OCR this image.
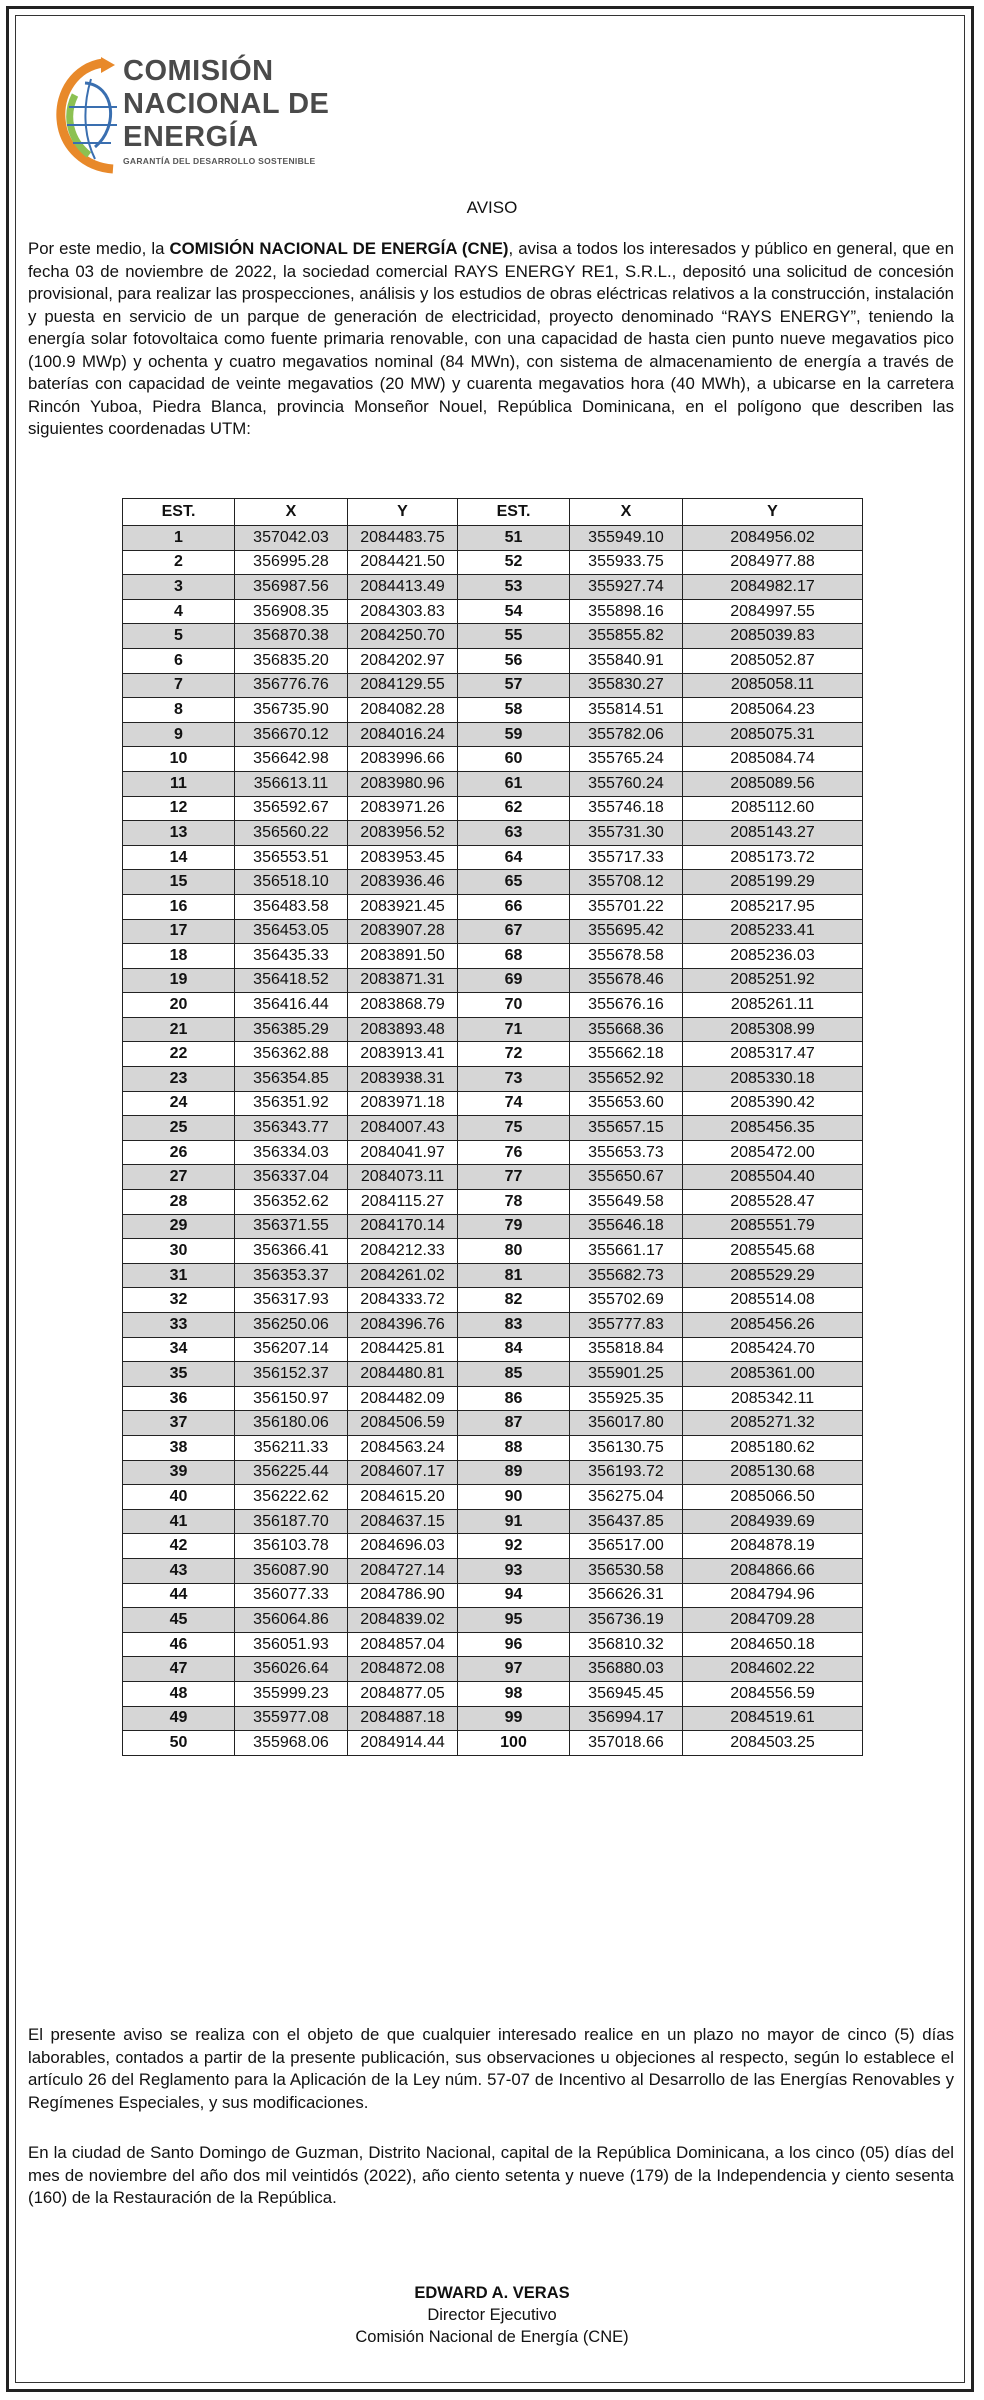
COMISIÓN
NACIONAL DE
ENERGÍA
GARANTÍA DEL DESARROLLO SOSTENIBLE
AVISO
Por este medio, la COMISIÓN NACIONAL DE ENERGÍA (CNE), avisa a todos los interesados y público en general, que en fecha 03 de noviembre de 2022, la sociedad comercial RAYS ENERGY RE1, S.R.L., depositó una solicitud de concesión provisional, para realizar las prospecciones, análisis y los estudios de obras eléctricas relativos a la construcción, instalación y puesta en servicio de un parque de generación de electricidad, proyecto denominado “RAYS ENERGY”, teniendo la energía solar fotovoltaica como fuente primaria renovable, con una capacidad de hasta cien punto nueve megavatios pico (100.9 MWp) y ochenta y cuatro megavatios nominal (84 MWn), con sistema de almacenamiento de energía a través de baterías con capacidad de veinte megavatios (20 MW) y cuarenta megavatios hora (40 MWh), a ubicarse en la carretera Rincón Yuboa, Piedra Blanca, provincia Monseñor Nouel, República Dominicana, en el polígono que describen las siguientes coordenadas UTM:
EST.	X	Y	EST.	X	Y
1	357042.03	2084483.75	51	355949.10	2084956.02
2	356995.28	2084421.50	52	355933.75	2084977.88
3	356987.56	2084413.49	53	355927.74	2084982.17
4	356908.35	2084303.83	54	355898.16	2084997.55
5	356870.38	2084250.70	55	355855.82	2085039.83
6	356835.20	2084202.97	56	355840.91	2085052.87
7	356776.76	2084129.55	57	355830.27	2085058.11
8	356735.90	2084082.28	58	355814.51	2085064.23
9	356670.12	2084016.24	59	355782.06	2085075.31
10	356642.98	2083996.66	60	355765.24	2085084.74
11	356613.11	2083980.96	61	355760.24	2085089.56
12	356592.67	2083971.26	62	355746.18	2085112.60
13	356560.22	2083956.52	63	355731.30	2085143.27
14	356553.51	2083953.45	64	355717.33	2085173.72
15	356518.10	2083936.46	65	355708.12	2085199.29
16	356483.58	2083921.45	66	355701.22	2085217.95
17	356453.05	2083907.28	67	355695.42	2085233.41
18	356435.33	2083891.50	68	355678.58	2085236.03
19	356418.52	2083871.31	69	355678.46	2085251.92
20	356416.44	2083868.79	70	355676.16	2085261.11
21	356385.29	2083893.48	71	355668.36	2085308.99
22	356362.88	2083913.41	72	355662.18	2085317.47
23	356354.85	2083938.31	73	355652.92	2085330.18
24	356351.92	2083971.18	74	355653.60	2085390.42
25	356343.77	2084007.43	75	355657.15	2085456.35
26	356334.03	2084041.97	76	355653.73	2085472.00
27	356337.04	2084073.11	77	355650.67	2085504.40
28	356352.62	2084115.27	78	355649.58	2085528.47
29	356371.55	2084170.14	79	355646.18	2085551.79
30	356366.41	2084212.33	80	355661.17	2085545.68
31	356353.37	2084261.02	81	355682.73	2085529.29
32	356317.93	2084333.72	82	355702.69	2085514.08
33	356250.06	2084396.76	83	355777.83	2085456.26
34	356207.14	2084425.81	84	355818.84	2085424.70
35	356152.37	2084480.81	85	355901.25	2085361.00
36	356150.97	2084482.09	86	355925.35	2085342.11
37	356180.06	2084506.59	87	356017.80	2085271.32
38	356211.33	2084563.24	88	356130.75	2085180.62
39	356225.44	2084607.17	89	356193.72	2085130.68
40	356222.62	2084615.20	90	356275.04	2085066.50
41	356187.70	2084637.15	91	356437.85	2084939.69
42	356103.78	2084696.03	92	356517.00	2084878.19
43	356087.90	2084727.14	93	356530.58	2084866.66
44	356077.33	2084786.90	94	356626.31	2084794.96
45	356064.86	2084839.02	95	356736.19	2084709.28
46	356051.93	2084857.04	96	356810.32	2084650.18
47	356026.64	2084872.08	97	356880.03	2084602.22
48	355999.23	2084877.05	98	356945.45	2084556.59
49	355977.08	2084887.18	99	356994.17	2084519.61
50	355968.06	2084914.44	100	357018.66	2084503.25
El presente aviso se realiza con el objeto de que cualquier interesado realice en un plazo no mayor de cinco (5) días laborables, contados a partir de la presente publicación, sus observaciones u objeciones al respecto, según lo establece el artículo 26 del Reglamento para la Aplicación de la Ley núm. 57-07 de Incentivo al Desarrollo de las Energías Renovables y Regímenes Especiales, y sus modificaciones.
En la ciudad de Santo Domingo de Guzman, Distrito Nacional, capital de la República Dominicana, a los cinco (05) días del mes de noviembre del año dos mil veintidós (2022), año ciento setenta y nueve (179) de la Independencia y ciento sesenta (160) de la Restauración de la República.
EDWARD A. VERAS
Director Ejecutivo
Comisión Nacional de Energía (CNE)
